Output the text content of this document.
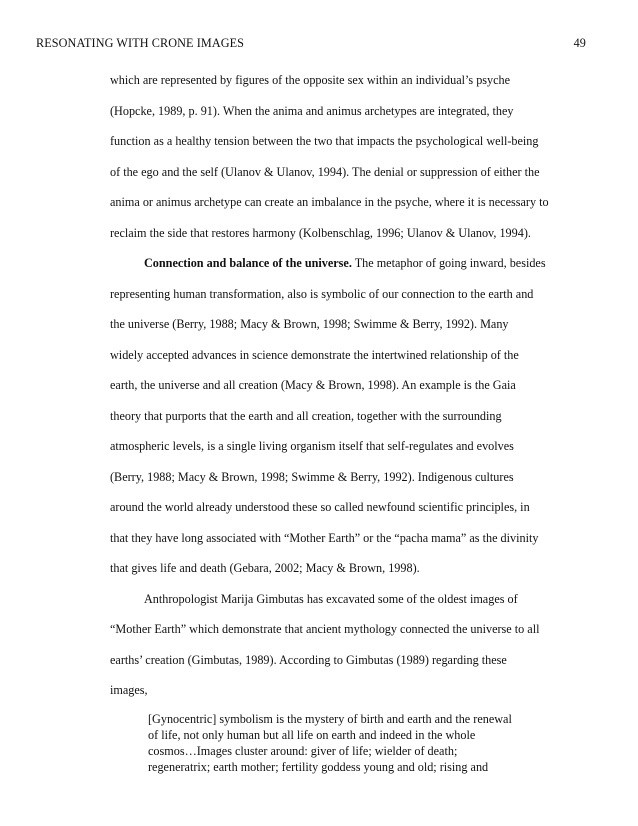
RESONATING WITH CRONE IMAGES	49
which are represented by figures of the opposite sex within an individual’s psyche
(Hopcke, 1989, p. 91). When the anima and animus archetypes are integrated, they
function as a healthy tension between the two that impacts the psychological well-being
of the ego and the self (Ulanov & Ulanov, 1994). The denial or suppression of either the
anima or animus archetype can create an imbalance in the psyche, where it is necessary to
reclaim the side that restores harmony (Kolbenschlag, 1996; Ulanov & Ulanov, 1994).
Connection and balance of the universe. The metaphor of going inward, besides
representing human transformation, also is symbolic of our connection to the earth and
the universe (Berry, 1988; Macy & Brown, 1998; Swimme & Berry, 1992). Many
widely accepted advances in science demonstrate the intertwined relationship of the
earth, the universe and all creation (Macy & Brown, 1998). An example is the Gaia
theory that purports that the earth and all creation, together with the surrounding
atmospheric levels, is a single living organism itself that self-regulates and evolves
(Berry, 1988; Macy & Brown, 1998; Swimme & Berry, 1992). Indigenous cultures
around the world already understood these so called newfound scientific principles, in
that they have long associated with “Mother Earth” or the “pacha mama” as the divinity
that gives life and death (Gebara, 2002; Macy & Brown, 1998).
Anthropologist Marija Gimbutas has excavated some of the oldest images of
“Mother Earth” which demonstrate that ancient mythology connected the universe to all
earths’ creation (Gimbutas, 1989). According to Gimbutas (1989) regarding these
images,
[Gynocentric] symbolism is the mystery of birth and earth and the renewal
of life, not only human but all life on earth and indeed in the whole
cosmos…Images cluster around: giver of life; wielder of death;
regeneratrix; earth mother; fertility goddess young and old; rising and
